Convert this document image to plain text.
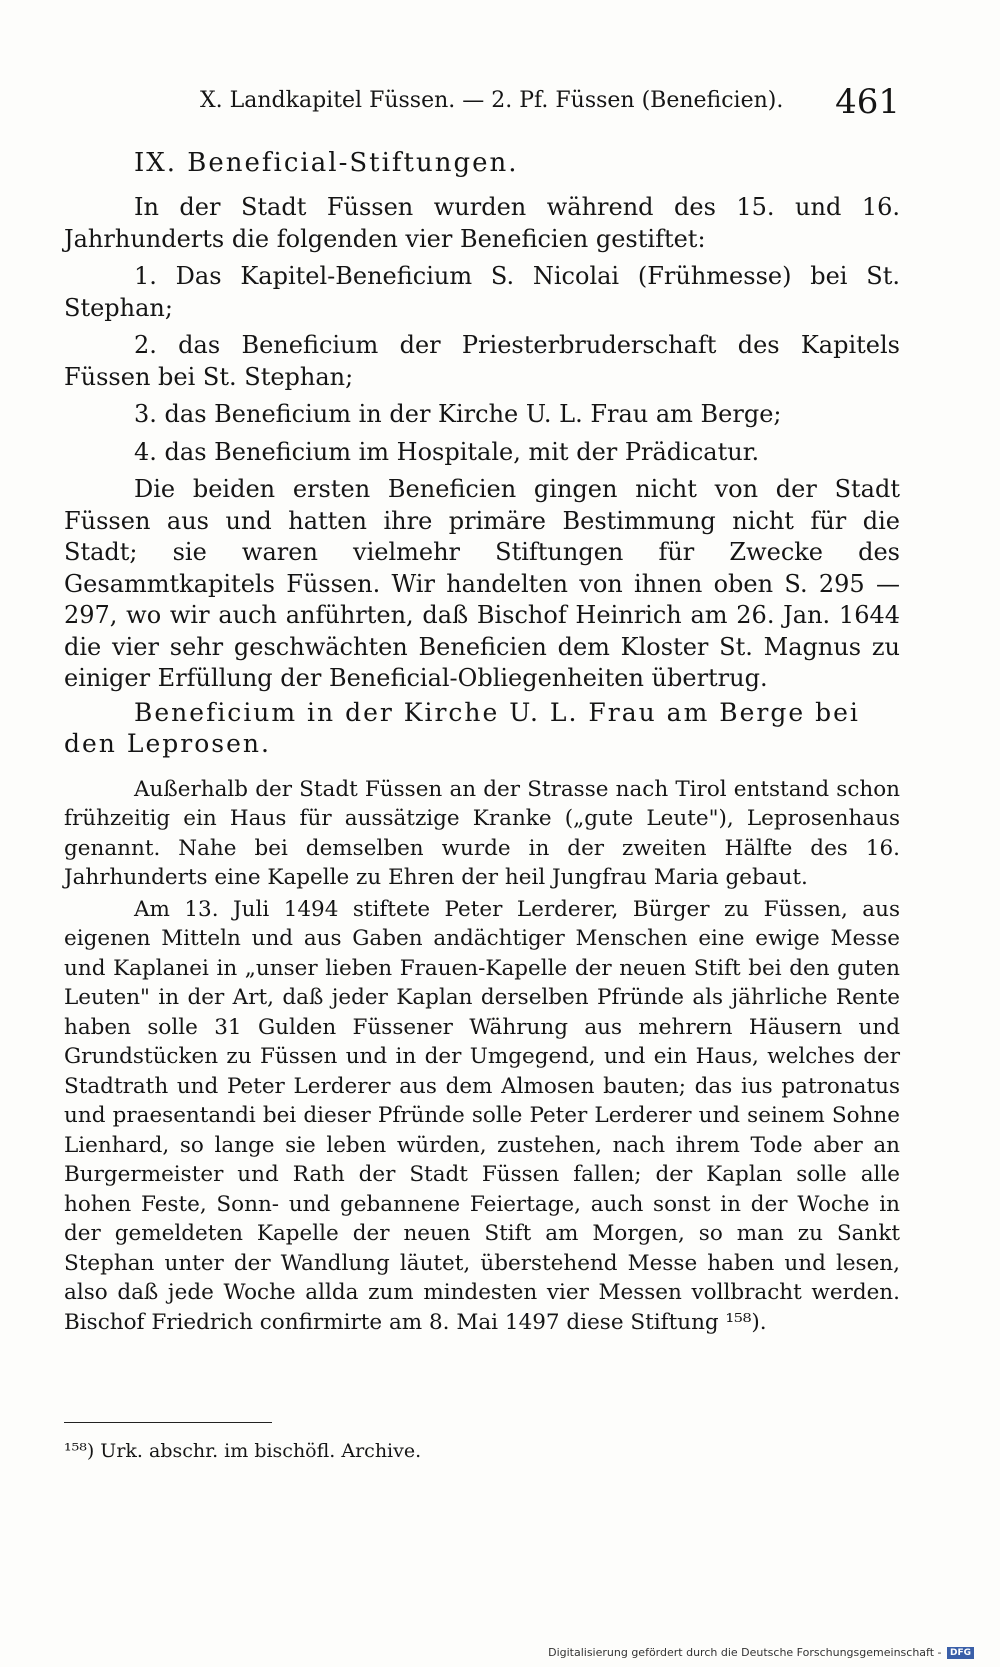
X. Landkapitel Füssen. — 2. Pf. Füssen (Beneficien). 461
IX. Beneficial-Stiftungen.

In der Stadt Füssen wurden während des 15. und 16. Jahrhunderts die folgenden vier Beneficien gestiftet:

1. Das Kapitel-Beneficium S. Nicolai (Frühmesse) bei St. Stephan;

2. das Beneficium der Priesterbruderschaft des Kapitels Füssen bei St. Stephan;

3. das Beneficium in der Kirche U. L. Frau am Berge;

4. das Beneficium im Hospitale, mit der Prädicatur.

Die beiden ersten Beneficien gingen nicht von der Stadt Füssen aus und hatten ihre primäre Bestimmung nicht für die Stadt; sie waren vielmehr Stiftungen für Zwecke des Gesammtkapitels Füssen. Wir handelten von ihnen oben S. 295 — 297, wo wir auch anführten, daß Bischof Heinrich am 26. Jan. 1644 die vier sehr geschwächten Beneficien dem Kloster St. Magnus zu einiger Erfüllung der Beneficial-Obliegenheiten übertrug.

Beneficium in der Kirche U. L. Frau am Berge bei den Leprosen.

Außerhalb der Stadt Füssen an der Strasse nach Tirol entstand schon frühzeitig ein Haus für aussätzige Kranke („gute Leute"), Leprosenhaus genannt. Nahe bei demselben wurde in der zweiten Hälfte des 16. Jahrhunderts eine Kapelle zu Ehren der heil Jungfrau Maria gebaut.

Am 13. Juli 1494 stiftete Peter Lerderer, Bürger zu Füssen, aus eigenen Mitteln und aus Gaben andächtiger Menschen eine ewige Messe und Kaplanei in „unser lieben Frauen-Kapelle der neuen Stift bei den guten Leuten" in der Art, daß jeder Kaplan derselben Pfründe als jährliche Rente haben solle 31 Gulden Füssener Währung aus mehrern Häusern und Grundstücken zu Füssen und in der Umgegend, und ein Haus, welches der Stadtrath und Peter Lerderer aus dem Almosen bauten; das ius patronatus und praesentandi bei dieser Pfründe solle Peter Lerderer und seinem Sohne Lienhard, so lange sie leben würden, zustehen, nach ihrem Tode aber an Burgermeister und Rath der Stadt Füssen fallen; der Kaplan solle alle hohen Feste, Sonn- und gebannene Feiertage, auch sonst in der Woche in der gemeldeten Kapelle der neuen Stift am Morgen, so man zu Sankt Stephan unter der Wandlung läutet, überstehend Messe haben und lesen, also daß jede Woche allda zum mindesten vier Messen vollbracht werden. Bischof Friedrich confirmirte am 8. Mai 1497 diese Stiftung ¹⁵⁸).

¹⁵⁸) Urk. abschr. im bischöfl. Archive.
Digitalisierung gefördert durch die Deutsche Forschungsgemeinschaft - DFG
